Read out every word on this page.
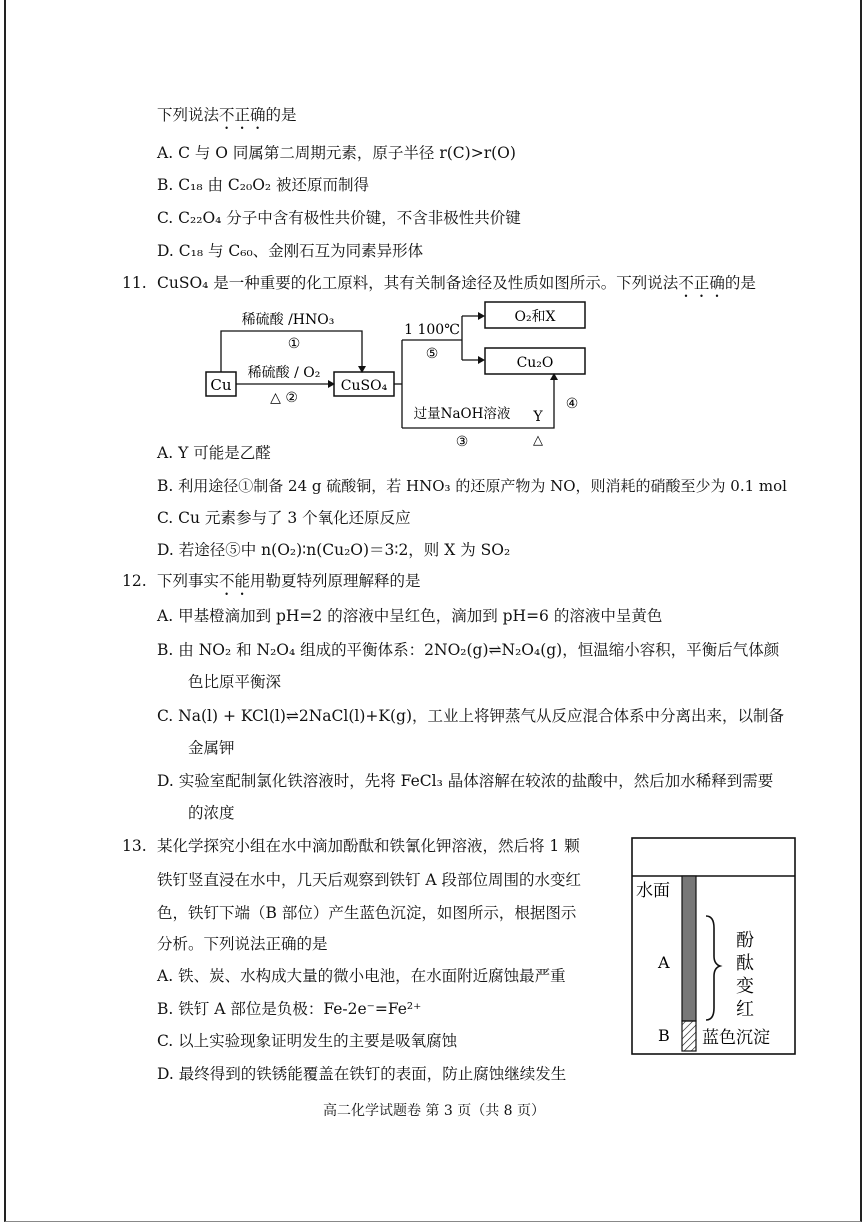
下列说法不正确的是
A. C 与 O 同属第二周期元素，原子半径 r(C)>r(O)
B. C₁₈ 由 C₂₀O₂ 被还原而制得
C. C₂₂O₄ 分子中含有极性共价键，不含非极性共价键
D. C₁₈ 与 C₆₀、金刚石互为同素异形体
11. CuSO₄ 是一种重要的化工原料，其有关制备途径及性质如图所示。下列说法不正确的是
Cu	CuSO₄
稀硫酸 /HNO₃
①
稀硫酸 / O₂
△ ②
1 100℃
⑤
O₂和X
Cu₂O
过量NaOH溶液
③
Y
△
④
A. Y 可能是乙醛
B. 利用途径①制备 24 g 硫酸铜，若 HNO₃ 的还原产物为 NO，则消耗的硝酸至少为 0.1 mol
C. Cu 元素参与了 3 个氧化还原反应
D. 若途径⑤中 n(O₂)∶n(Cu₂O)＝3∶2，则 X 为 SO₂
12. 下列事实不能用勒夏特列原理解释的是
A. 甲基橙滴加到 pH=2 的溶液中呈红色，滴加到 pH=6 的溶液中呈黄色
B. 由 NO₂ 和 N₂O₄ 组成的平衡体系：2NO₂(g)⇌N₂O₄(g)，恒温缩小容积，平衡后气体颜
色比原平衡深
C. Na(l) + KCl(l)⇌2NaCl(l)+K(g)，工业上将钾蒸气从反应混合体系中分离出来，以制备
金属钾
D. 实验室配制氯化铁溶液时，先将 FeCl₃ 晶体溶解在较浓的盐酸中，然后加水稀释到需要
的浓度
13. 某化学探究小组在水中滴加酚酞和铁氰化钾溶液，然后将 1 颗
铁钉竖直浸在水中，几天后观察到铁钉 A 段部位周围的水变红
色，铁钉下端（B 部位）产生蓝色沉淀，如图所示，根据图示
分析。下列说法正确的是
A. 铁、炭、水构成大量的微小电池，在水面附近腐蚀最严重
B. 铁钉 A 部位是负极：Fe-2e⁻=Fe²⁺
C. 以上实验现象证明发生的主要是吸氧腐蚀
D. 最终得到的铁锈能覆盖在铁钉的表面，防止腐蚀继续发生
水面
A
B
酚
酞
变
红
蓝色沉淀
高二化学试题卷 第 3 页（共 8 页）
